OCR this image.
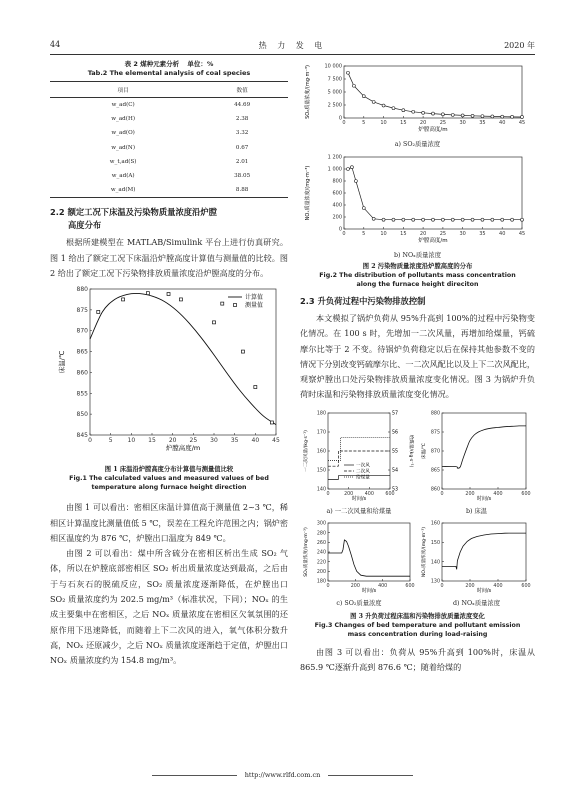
44	热 力 发 电	2020 年
表 2 煤种元素分析 单位：%
Tab.2 The elemental analysis of coal species
项目	数值
w_ad(C)	44.69
w_ad(H)	2.38
w_ad(O)	3.32
w_ad(N)	0.67
w_t,ad(S)	2.01
w_ad(A)	38.05
w_ad(M)	8.88
2.2 额定工况下床温及污染物质量浓度沿炉膛
高度分布

根据所建模型在 MATLAB/Simulink 平台上进行仿真研究。图 1 给出了额定工况下床温沿炉膛高度计算值与测量值的比较。图 2 给出了额定工况下污染物排放质量浓度沿炉膛高度的分布。

0	5 10 15 20 25 30 35 40 45
845
850
855
860
865
870
875
880
炉膛高度/m
床温/℃
计算值
测量值
图 1 床温沿炉膛高度分布计算值与测量值比较
Fig.1 The calculated values and measured values of bed
temperature along furnace height direction

由图 1 可以看出：密相区床温计算值高于测量值 2~3 ℃，稀相区计算温度比测量值低 5 ℃，误差在工程允许范围之内；锅炉密相区温度约为 876 ℃，炉膛出口温度为 849 ℃。

由图 2 可以看出：煤中所含硫分在密相区析出生成 SO₂ 气体，所以在炉膛底部密相区 SO₂ 析出质量浓度达到最高，之后由于与石灰石的脱硫反应，SO₂ 质量浓度逐渐降低，在炉膛出口 SO₂ 质量浓度约为 202.5 mg/m³（标准状况，下同）；NOₓ 的生成主要集中在密相区，之后 NOₓ 质量浓度在密相区欠氧氛围的还原作用下迅速降低，而随着上下二次风的进入，氧气体积分数升高，NOₓ 还原减少，之后 NOₓ 质量浓度逐渐趋于定值，炉膛出口 NOₓ 质量浓度约为 154.8 mg/m³。

0	5	10	15	20	25	30	35	40	45
0
2 500
5 000
7 500
10 000
炉膛高度/m
SO₂质量浓度/(mg·m⁻³)
a) SO₂质量浓度
0	5	10	15	20	25	30	35	40	45
0
200
400
600
800
1 000
1 200
炉膛高度/m
NOₓ质量浓度/(mg·m⁻³)
b) NOₓ质量浓度
图 2 污染物质量浓度沿炉膛高度的分布
Fig.2 The distribution of pollutants mass concentration
along the furnace height direciton
2.3 升负荷过程中污染物排放控制

本文模拟了锅炉负荷从 95%升高到 100%的过程中污染物变化情况。在 100 s 时，先增加一二次风量，再增加给煤量，钙硫摩尔比等于 2 不变。待锅炉负荷稳定以后在保持其他参数不变的情况下分别改变钙硫摩尔比、一二次风配比以及上下二次风配比，观察炉膛出口处污染物排放质量浓度变化情况。图 3 为锅炉升负荷时床温和污染物排放质量浓度变化情况。

0	200 400 600
140
150
160
170
180
时间/s
一二次风量/(kg·s⁻¹)
53
54
55
56
57
给煤量/(kg·s⁻¹)
一次风
二次风
给煤量
0	200	400	600
860
865
870
875
880
时间/s
床温/℃
a) 一二次风量和给煤量	b) 床温
0	200	400	600
180
200
220
240
260
280
300
时间/s
SO₂质量浓度/(mg·m⁻³)
0	200	400	600
130
140
150
160
时间/s
NOₓ质量浓度/(mg·m⁻³)
c) SO₂质量浓度	d) NOₓ质量浓度
图 3 升负荷过程床温和污染物排放质量浓度变化
Fig.3 Changes of bed temperature and pollutant emission
mass concentration during load-raising

由图 3 可以看出：负荷从 95%升高到 100%时，床温从 865.9 ℃逐渐升高到 876.6 ℃；随着给煤的

http://www.rlfd.com.cn
